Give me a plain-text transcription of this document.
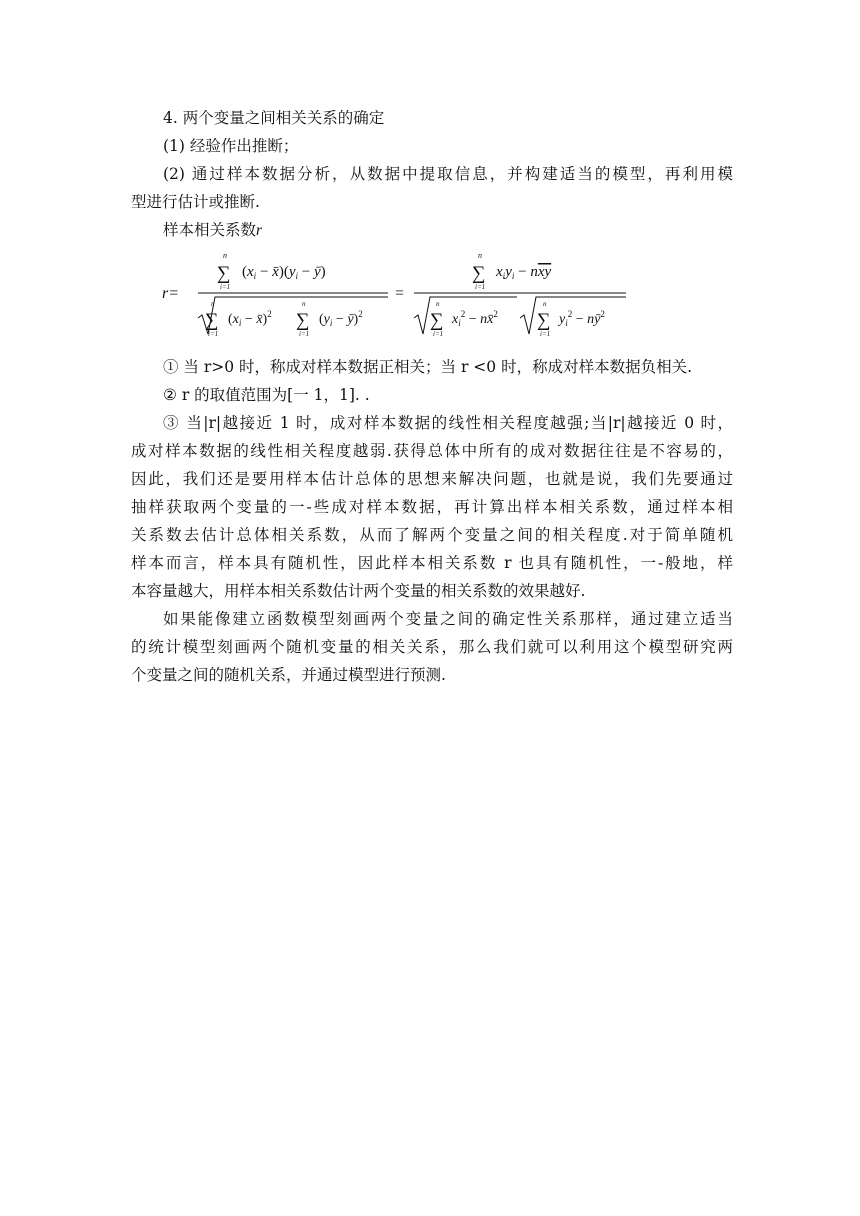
4. 两个变量之间相关关系的确定
(1) 经验作出推断；
(2) 通过样本数据分析，从数据中提取信息，并构建适当的模型，再利用模
型进行估计或推断.
样本相关系数r
r=
n
∑
i=1
($x_i$ − $x̄)(y_i$ − ȳ)
n
∑
i=1
($x_i$ − x̄)$^2$
n
∑
i=1
($y_i$ − ȳ)$^2$
=
n
∑
i=1
$x_iy_i$ − nxy
n
∑
i=1
$x_i^2$ − nx̄$^2$
n
∑
i=1
$y_i^2$ − $nȳ^2$
① 当 r>0 时，称成对样本数据正相关；当 r <0 时，称成对样本数据负相关.
② r 的取值范围为[一 1，1]. .
③ 当|r|越接近 1 时，成对样本数据的线性相关程度越强;当|r|越接近 0 时，
成对样本数据的线性相关程度越弱.获得总体中所有的成对数据往往是不容易的，
因此，我们还是要用样本估计总体的思想来解决问题，也就是说，我们先要通过
抽样获取两个变量的一-些成对样本数据，再计算出样本相关系数，通过样本相
关系数去估计总体相关系数，从而了解两个变量之间的相关程度.对于简单随机
样本而言，样本具有随机性，因此样本相关系数 r 也具有随机性，一-般地，样
本容量越大，用样本相关系数估计两个变量的相关系数的效果越好.
如果能像建立函数模型刻画两个变量之间的确定性关系那样，通过建立适当
的统计模型刻画两个随机变量的相关关系，那么我们就可以利用这个模型研究两
个变量之间的随机关系，并通过模型进行预测.
